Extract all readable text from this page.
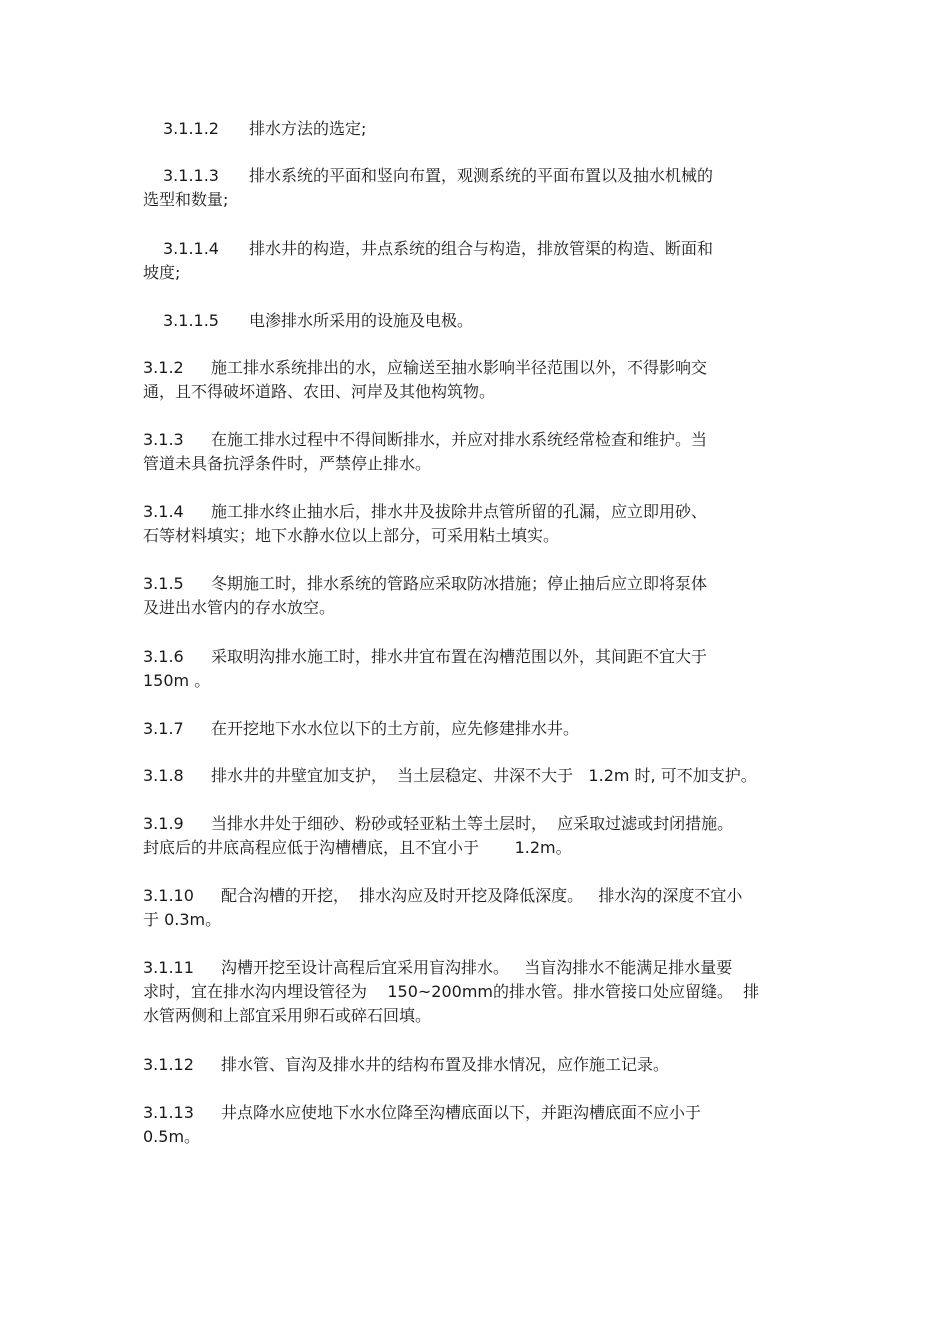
3.1.1.2 排水方法的选定;
3.1.1.3 排水系统的平面和竖向布置，观测系统的平面布置以及抽水机械的
选型和数量;
3.1.1.4 排水井的构造，井点系统的组合与构造，排放管渠的构造、断面和
坡度;
3.1.1.5 电渗排水所采用的设施及电极。
3.1.2 施工排水系统排出的水，应输送至抽水影响半径范围以外，不得影响交
通，且不得破坏道路、农田、河岸及其他构筑物。
3.1.3 在施工排水过程中不得间断排水，并应对排水系统经常检查和维护。当
管道未具备抗浮条件时，严禁停止排水。
3.1.4 施工排水终止抽水后，排水井及拔除井点管所留的孔漏，应立即用砂、
石等材料填实；地下水静水位以上部分，可采用粘土填实。
3.1.5 冬期施工时，排水系统的管路应采取防冰措施；停止抽后应立即将泵体
及进出水管内的存水放空。
3.1.6 采取明沟排水施工时，排水井宜布置在沟槽范围以外，其间距不宜大于
150m 。
3.1.7 在开挖地下水水位以下的土方前，应先修建排水井。
3.1.8 排水井的井壁宜加支护，  当土层稳定、井深不大于   1.2m 时, 可不加支护。
3.1.9 当排水井处于细砂、粉砂或轻亚粘土等土层时，  应采取过滤或封闭措施。
封底后的井底高程应低于沟槽槽底，且不宜小于       1.2m。
3.1.10 配合沟槽的开挖，  排水沟应及时开挖及降低深度。   排水沟的深度不宜小
于 0.3m。
3.1.11 沟槽开挖至设计高程后宜采用盲沟排水。   当盲沟排水不能满足排水量要
求时，宜在排水沟内埋设管径为    150~200mm的排水管。排水管接口处应留缝。  排
水管两侧和上部宜采用卵石或碎石回填。
3.1.12 排水管、盲沟及排水井的结构布置及排水情况，应作施工记录。
3.1.13 井点降水应使地下水水位降至沟槽底面以下，并距沟槽底面不应小于
0.5m。
